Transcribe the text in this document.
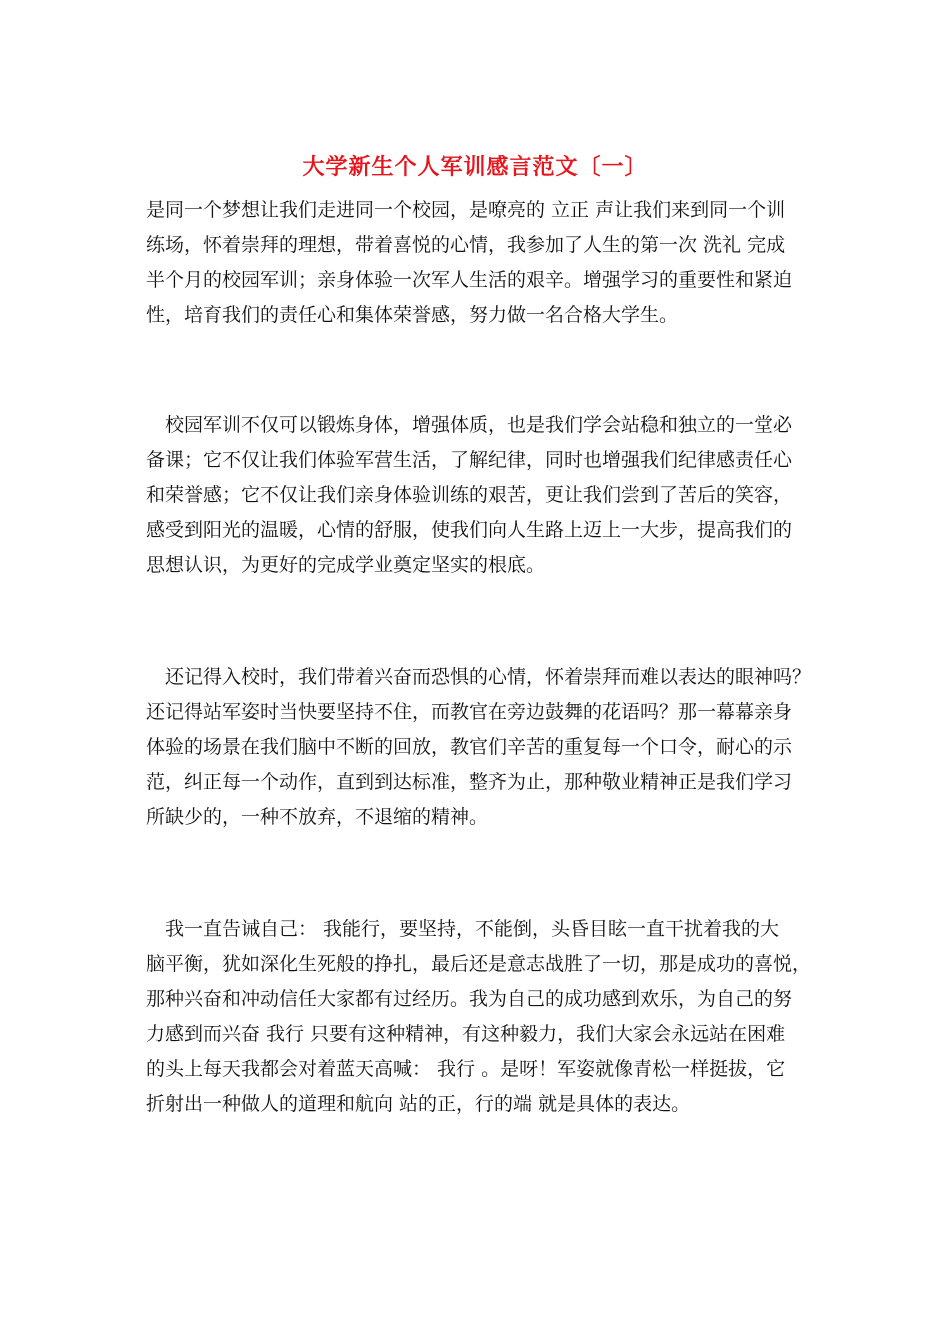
大学新生个人军训感言范文〔一〕

是同一个梦想让我们走进同一个校园，是嘹亮的 立正 声让我们来到同一个训
练场，怀着崇拜的理想，带着喜悦的心情，我参加了人生的第一次 洗礼 完成
半个月的校园军训；亲身体验一次军人生活的艰辛。增强学习的重要性和紧迫
性，培育我们的责任心和集体荣誉感，努力做一名合格大学生。

　校园军训不仅可以锻炼身体，增强体质，也是我们学会站稳和独立的一堂必
备课；它不仅让我们体验军营生活，了解纪律，同时也增强我们纪律感责任心
和荣誉感；它不仅让我们亲身体验训练的艰苦，更让我们尝到了苦后的笑容，
感受到阳光的温暖，心情的舒服，使我们向人生路上迈上一大步，提高我们的
思想认识，为更好的完成学业奠定坚实的根底。

　还记得入校时，我们带着兴奋而恐惧的心情，怀着崇拜而难以表达的眼神吗？
还记得站军姿时当快要坚持不住，而教官在旁边鼓舞的花语吗？那一幕幕亲身
体验的场景在我们脑中不断的回放，教官们辛苦的重复每一个口令，耐心的示
范，纠正每一个动作，直到到达标准，整齐为止，那种敬业精神正是我们学习
所缺少的，一种不放弃，不退缩的精神。

　我一直告诫自己： 我能行，要坚持，不能倒，头昏目眩一直干扰着我的大
脑平衡，犹如深化生死般的挣扎，最后还是意志战胜了一切，那是成功的喜悦，
那种兴奋和冲动信任大家都有过经历。我为自己的成功感到欢乐，为自己的努
力感到而兴奋 我行 只要有这种精神，有这种毅力，我们大家会永远站在困难
的头上每天我都会对着蓝天高喊： 我行 。是呀！军姿就像青松一样挺拔，它
折射出一种做人的道理和航向 站的正，行的端 就是具体的表达。
